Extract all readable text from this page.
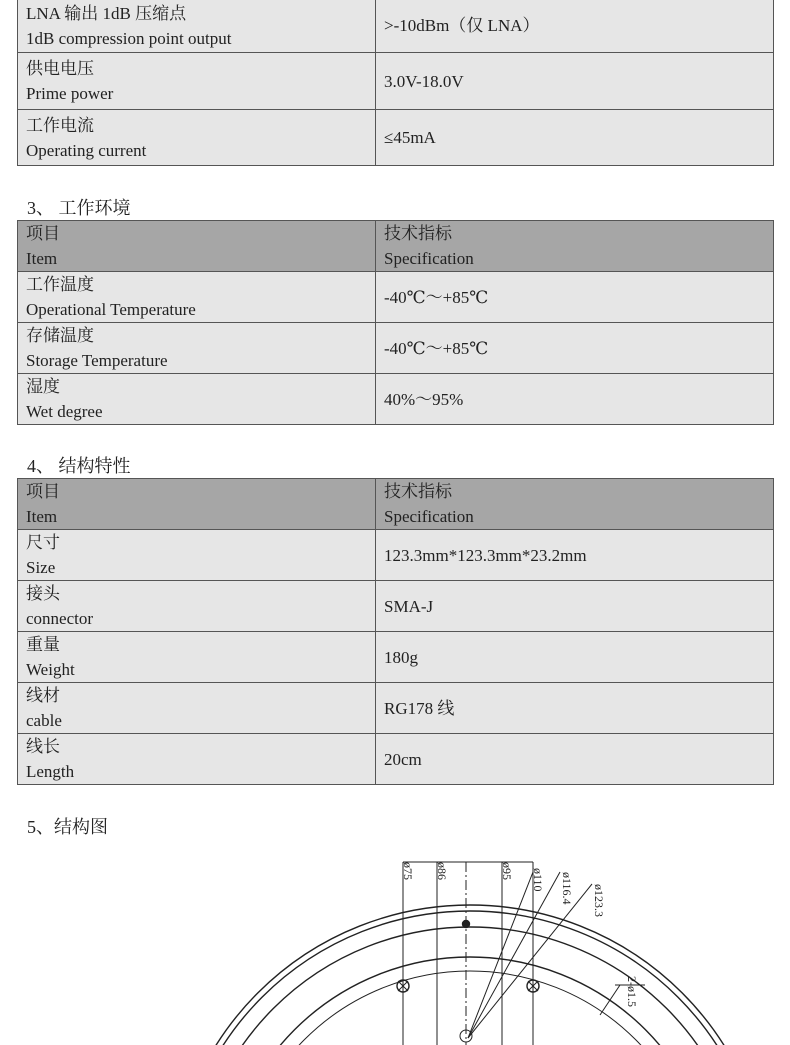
LNA 输出 1dB 压缩点
1dB compression point output	>-10dBm（仅 LNA）

供电电压
Prime power	3.0V-18.0V

工作电流
Operating current	≤45mA
3、 工作环境
项目
Item	技术指标
Specification

工作温度
Operational Temperature	-40℃～+85℃

存储温度
Storage Temperature	-40℃～+85℃

湿度
Wet degree	40%～95%
4、 结构特性
项目
Item	技术指标
Specification

尺寸
Size	123.3mm*123.3mm*23.2mm

接头
connector	SMA-J

重量
Weight	180g

线材
cable	RG178 线

线长
Length	20cm
5、结构图
ø75 ø86	ø95 ø110 ø116.4 ø123.3
2-ø1.5
